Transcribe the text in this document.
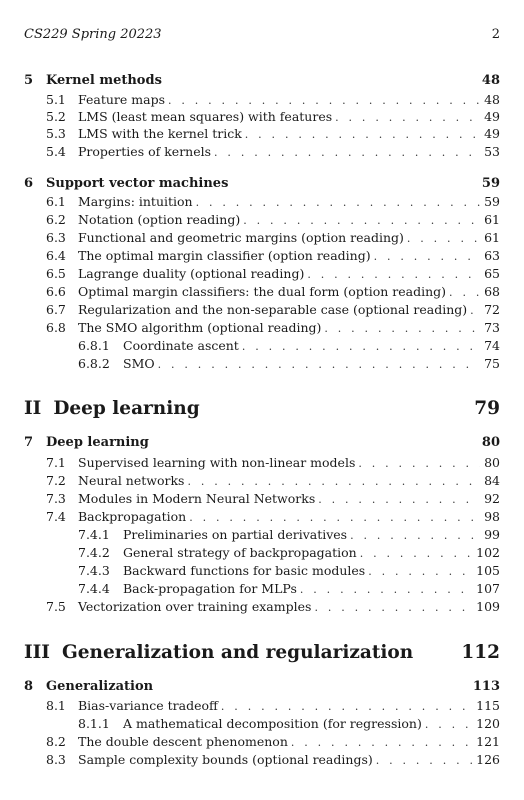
CS229 Spring 20223	2
5 Kernel methods	48
5.1 Feature maps . . .	48
5.2 LMS (least mean squares) with features . . .	49
5.3 LMS with the kernel trick . . .	49
5.4 Properties of kernels . . .	53
6 Support vector machines	59
6.1 Margins: intuition . . .	59
6.2 Notation (option reading) . . .	61
6.3 Functional and geometric margins (option reading) . . .	61
6.4 The optimal margin classifier (option reading) . . .	63
6.5 Lagrange duality (optional reading) . . .	65
6.6 Optimal margin classifiers: the dual form (option reading) . . .	68
6.7 Regularization and the non-separable case (optional reading) . . .	72
6.8 The SMO algorithm (optional reading) . . .	73
6.8.1	Coordinate ascent . . .	74
6.8.2	SMO . . .	75
II Deep learning	79
7 Deep learning	80
7.1 Supervised learning with non-linear models . . .	80
7.2 Neural networks . . .	84
7.3 Modules in Modern Neural Networks . . .	92
7.4 Backpropagation . . .	98
7.4.1	Preliminaries on partial derivatives . . .	99
7.4.2	General strategy of backpropagation . . .	102
7.4.3	Backward functions for basic modules . . .	105
7.4.4	Back-propagation for MLPs . . .	107
7.5 Vectorization over training examples . . .	109
III Generalization and regularization	112
8 Generalization	113
8.1 Bias-variance tradeoff . . .	115
8.1.1	A mathematical decomposition (for regression) . . .	120
8.2 The double descent phenomenon . . .	121
8.3 Sample complexity bounds (optional readings) . . .	126
